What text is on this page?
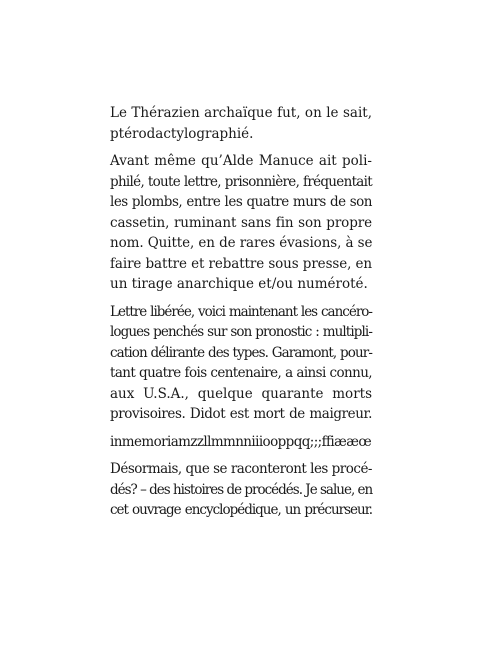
Le Thérazien archaïque fut, on le sait,
ptérodactylographié.
Avant même qu’Alde Manuce ait poli-
philé, toute lettre, prisonnière, fréquentait
les plombs, entre les quatre murs de son
cassetin, ruminant sans fin son propre
nom. Quitte, en de rares évasions, à se
faire battre et rebattre sous presse, en
un tirage anarchique et/ou numéroté.
Lettre libérée, voici maintenant les cancéro-
logues penchés sur son pronostic : multipli-
cation délirante des types. Garamont, pour-
tant quatre fois centenaire, a ainsi connu,
aux U.S.A., quelque quarante morts
provisoires. Didot est mort de maigreur.
inmemoriamzzllmmnniiiooppqq;;;ffiææœ
Désormais, que se raconteront les procé-
dés? – des histoires de procédés. Je salue, en
cet ouvrage encyclopédique, un précurseur.
